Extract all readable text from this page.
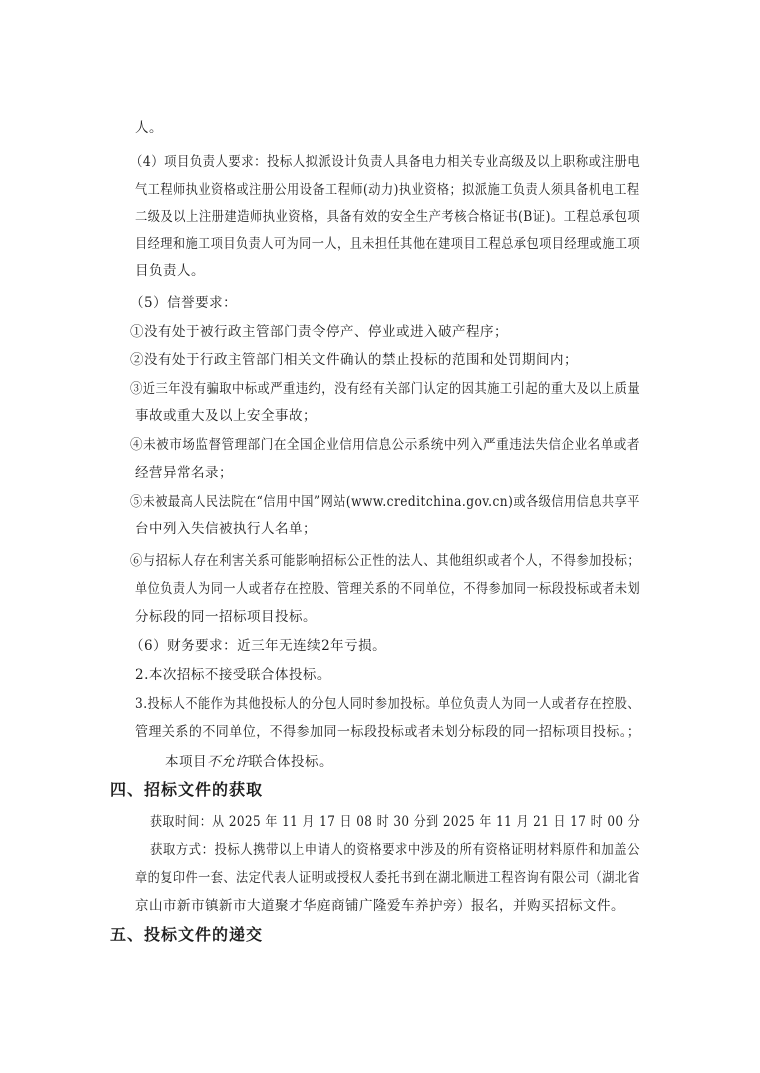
人。
（4）项目负责人要求：投标人拟派设计负责人具备电力相关专业高级及以上职称或注册电
气工程师执业资格或注册公用设备工程师(动力)执业资格；拟派施工负责人须具备机电工程
二级及以上注册建造师执业资格，具备有效的安全生产考核合格证书(B证)。工程总承包项
目经理和施工项目负责人可为同一人，且未担任其他在建项目工程总承包项目经理或施工项
目负责人。
（5）信誉要求：
①没有处于被行政主管部门责令停产、停业或进入破产程序；
②没有处于行政主管部门相关文件确认的禁止投标的范围和处罚期间内；
③近三年没有骗取中标或严重违约，没有经有关部门认定的因其施工引起的重大及以上质量
事故或重大及以上安全事故；
④未被市场监督管理部门在全国企业信用信息公示系统中列入严重违法失信企业名单或者
经营异常名录；
⑤未被最高人民法院在“信用中国”网站(www.creditchina.gov.cn)或各级信用信息共享平
台中列入失信被执行人名单；
⑥与招标人存在利害关系可能影响招标公正性的法人、其他组织或者个人，不得参加投标；
单位负责人为同一人或者存在控股、管理关系的不同单位，不得参加同一标段投标或者未划
分标段的同一招标项目投标。
（6）财务要求：近三年无连续2年亏损。
2.本次招标不接受联合体投标。
3.投标人不能作为其他投标人的分包人同时参加投标。单位负责人为同一人或者存在控股、
管理关系的不同单位，不得参加同一标段投标或者未划分标段的同一招标项目投标。；
本项目不允许联合体投标。
四、招标文件的获取
获取时间：从 2025 年 11 月 17 日 08 时 30 分到 2025 年 11 月 21 日 17 时 00 分
获取方式：投标人携带以上申请人的资格要求中涉及的所有资格证明材料原件和加盖公
章的复印件一套、法定代表人证明或授权人委托书到在湖北顺进工程咨询有限公司（湖北省
京山市新市镇新市大道聚才华庭商铺广隆爱车养护旁）报名，并购买招标文件。
五、投标文件的递交
